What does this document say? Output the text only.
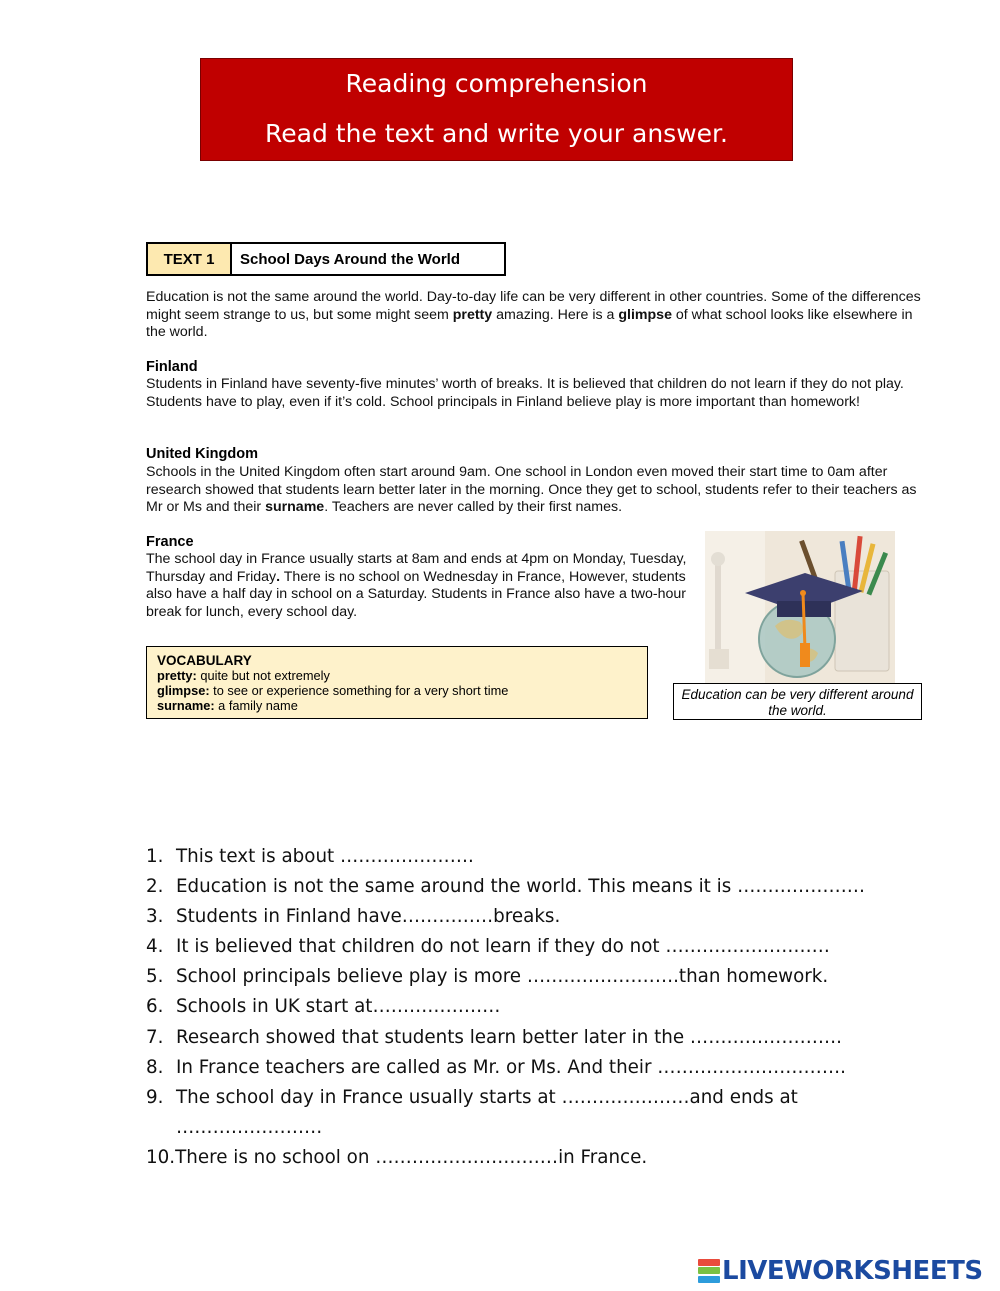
Reading comprehension
Read the text and write your answer.
TEXT 1	School Days Around the World
Education is not the same around the world. Day-to-day life can be very different in other countries. Some of the differences might seem strange to us, but some might seem pretty amazing. Here is a glimpse of what school looks like elsewhere in the world.
Finland
Students in Finland have seventy-five minutes’ worth of breaks. It is believed that children do not learn if they do not play. Students have to play, even if it’s cold. School principals in Finland believe play is more important than homework!
United Kingdom
Schools in the United Kingdom often start around 9am. One school in London even moved their start time to 0am after research showed that students learn better later in the morning. Once they get to school, students refer to their teachers as Mr or Ms and their surname. Teachers are never called by their first names.
France
The school day in France usually starts at 8am and ends at 4pm on Monday, Tuesday, Thursday and Friday. There is no school on Wednesday in France, However, students also have a half day in school on a Saturday. Students in France also have a two-hour break for lunch, every school day.
Education can be very different around the world.
VOCABULARY
pretty: quite but not extremely
glimpse: to see or experience something for a very short time
surname: a family name
1. This text is about ………………….
2. Education is not the same around the world. This means it is …………………
3. Students in Finland have……………breaks.
4. It is believed that children do not learn if they do not ………………………
5. School principals believe play is more …………………….than homework.
6. Schools in UK start at…………………
7. Research showed that students learn better later in the …………………….
8. In France teachers are called as Mr. or Ms. And their ………………………….
9. The school day in France usually starts at …………………and ends at
……………………
10.There is no school on …………………………in France.
LIVEWORKSHEETS
